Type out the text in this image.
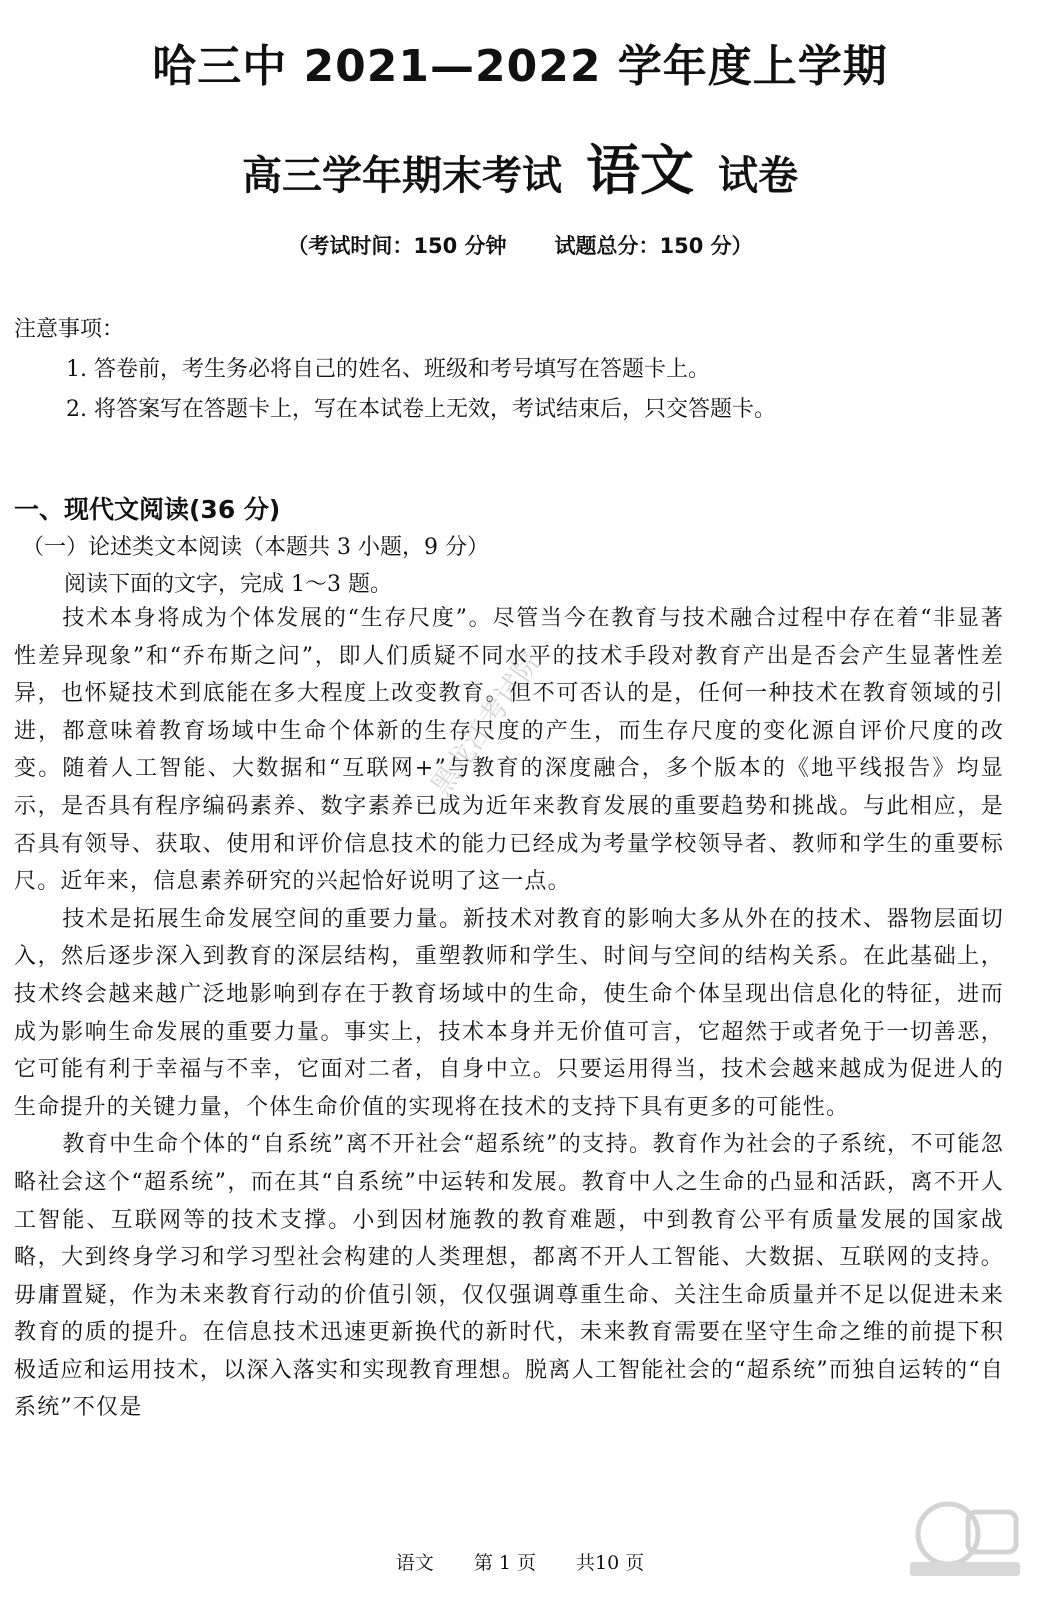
哈三中 2021—2022 学年度上学期
高三学年期末考试 语文 试卷
（考试时间：150 分钟 试题总分：150 分）
注意事项：
1. 答卷前，考生务必将自己的姓名、班级和考号填写在答题卡上。
2. 将答案写在答题卡上，写在本试卷上无效，考试结束后，只交答题卡。
一、现代文阅读(36 分)
（一）论述类文本阅读（本题共 3 小题，9 分）
阅读下面的文字，完成 1～3 题。

技术本身将成为个体发展的“生存尺度”。尽管当今在教育与技术融合过程中存在着“非显著性差异现象”和“乔布斯之问”，即人们质疑不同水平的技术手段对教育产出是否会产生显著性差异，也怀疑技术到底能在多大程度上改变教育。但不可否认的是，任何一种技术在教育领域的引进，都意味着教育场域中生命个体新的生存尺度的产生，而生存尺度的变化源自评价尺度的改变。随着人工智能、大数据和“互联网+”与教育的深度融合，多个版本的《地平线报告》均显示，是否具有程序编码素养、数字素养已成为近年来教育发展的重要趋势和挑战。与此相应，是否具有领导、获取、使用和评价信息技术的能力已经成为考量学校领导者、教师和学生的重要标尺。近年来，信息素养研究的兴起恰好说明了这一点。

技术是拓展生命发展空间的重要力量。新技术对教育的影响大多从外在的技术、器物层面切入，然后逐步深入到教育的深层结构，重塑教师和学生、时间与空间的结构关系。在此基础上，技术终会越来越广泛地影响到存在于教育场域中的生命，使生命个体呈现出信息化的特征，进而成为影响生命发展的重要力量。事实上，技术本身并无价值可言，它超然于或者免于一切善恶，它可能有利于幸福与不幸，它面对二者，自身中立。只要运用得当，技术会越来越成为促进人的生命提升的关键力量，个体生命价值的实现将在技术的支持下具有更多的可能性。

教育中生命个体的“自系统”离不开社会“超系统”的支持。教育作为社会的子系统，不可能忽略社会这个“超系统”，而在其“自系统”中运转和发展。教育中人之生命的凸显和活跃，离不开人工智能、互联网等的技术支撑。小到因材施教的教育难题，中到教育公平有质量发展的国家战略，大到终身学习和学习型社会构建的人类理想，都离不开人工智能、大数据、互联网的支持。毋庸置疑，作为未来教育行动的价值引领，仅仅强调尊重生命、关注生命质量并不足以促进未来教育的质的提升。在信息技术迅速更新换代的新时代，未来教育需要在坚守生命之维的前提下积极适应和运用技术，以深入落实和实现教育理想。脱离人工智能社会的“超系统”而独自运转的“自系统”不仅是

黑龙江考试院
语文 第 1 页 共10 页
